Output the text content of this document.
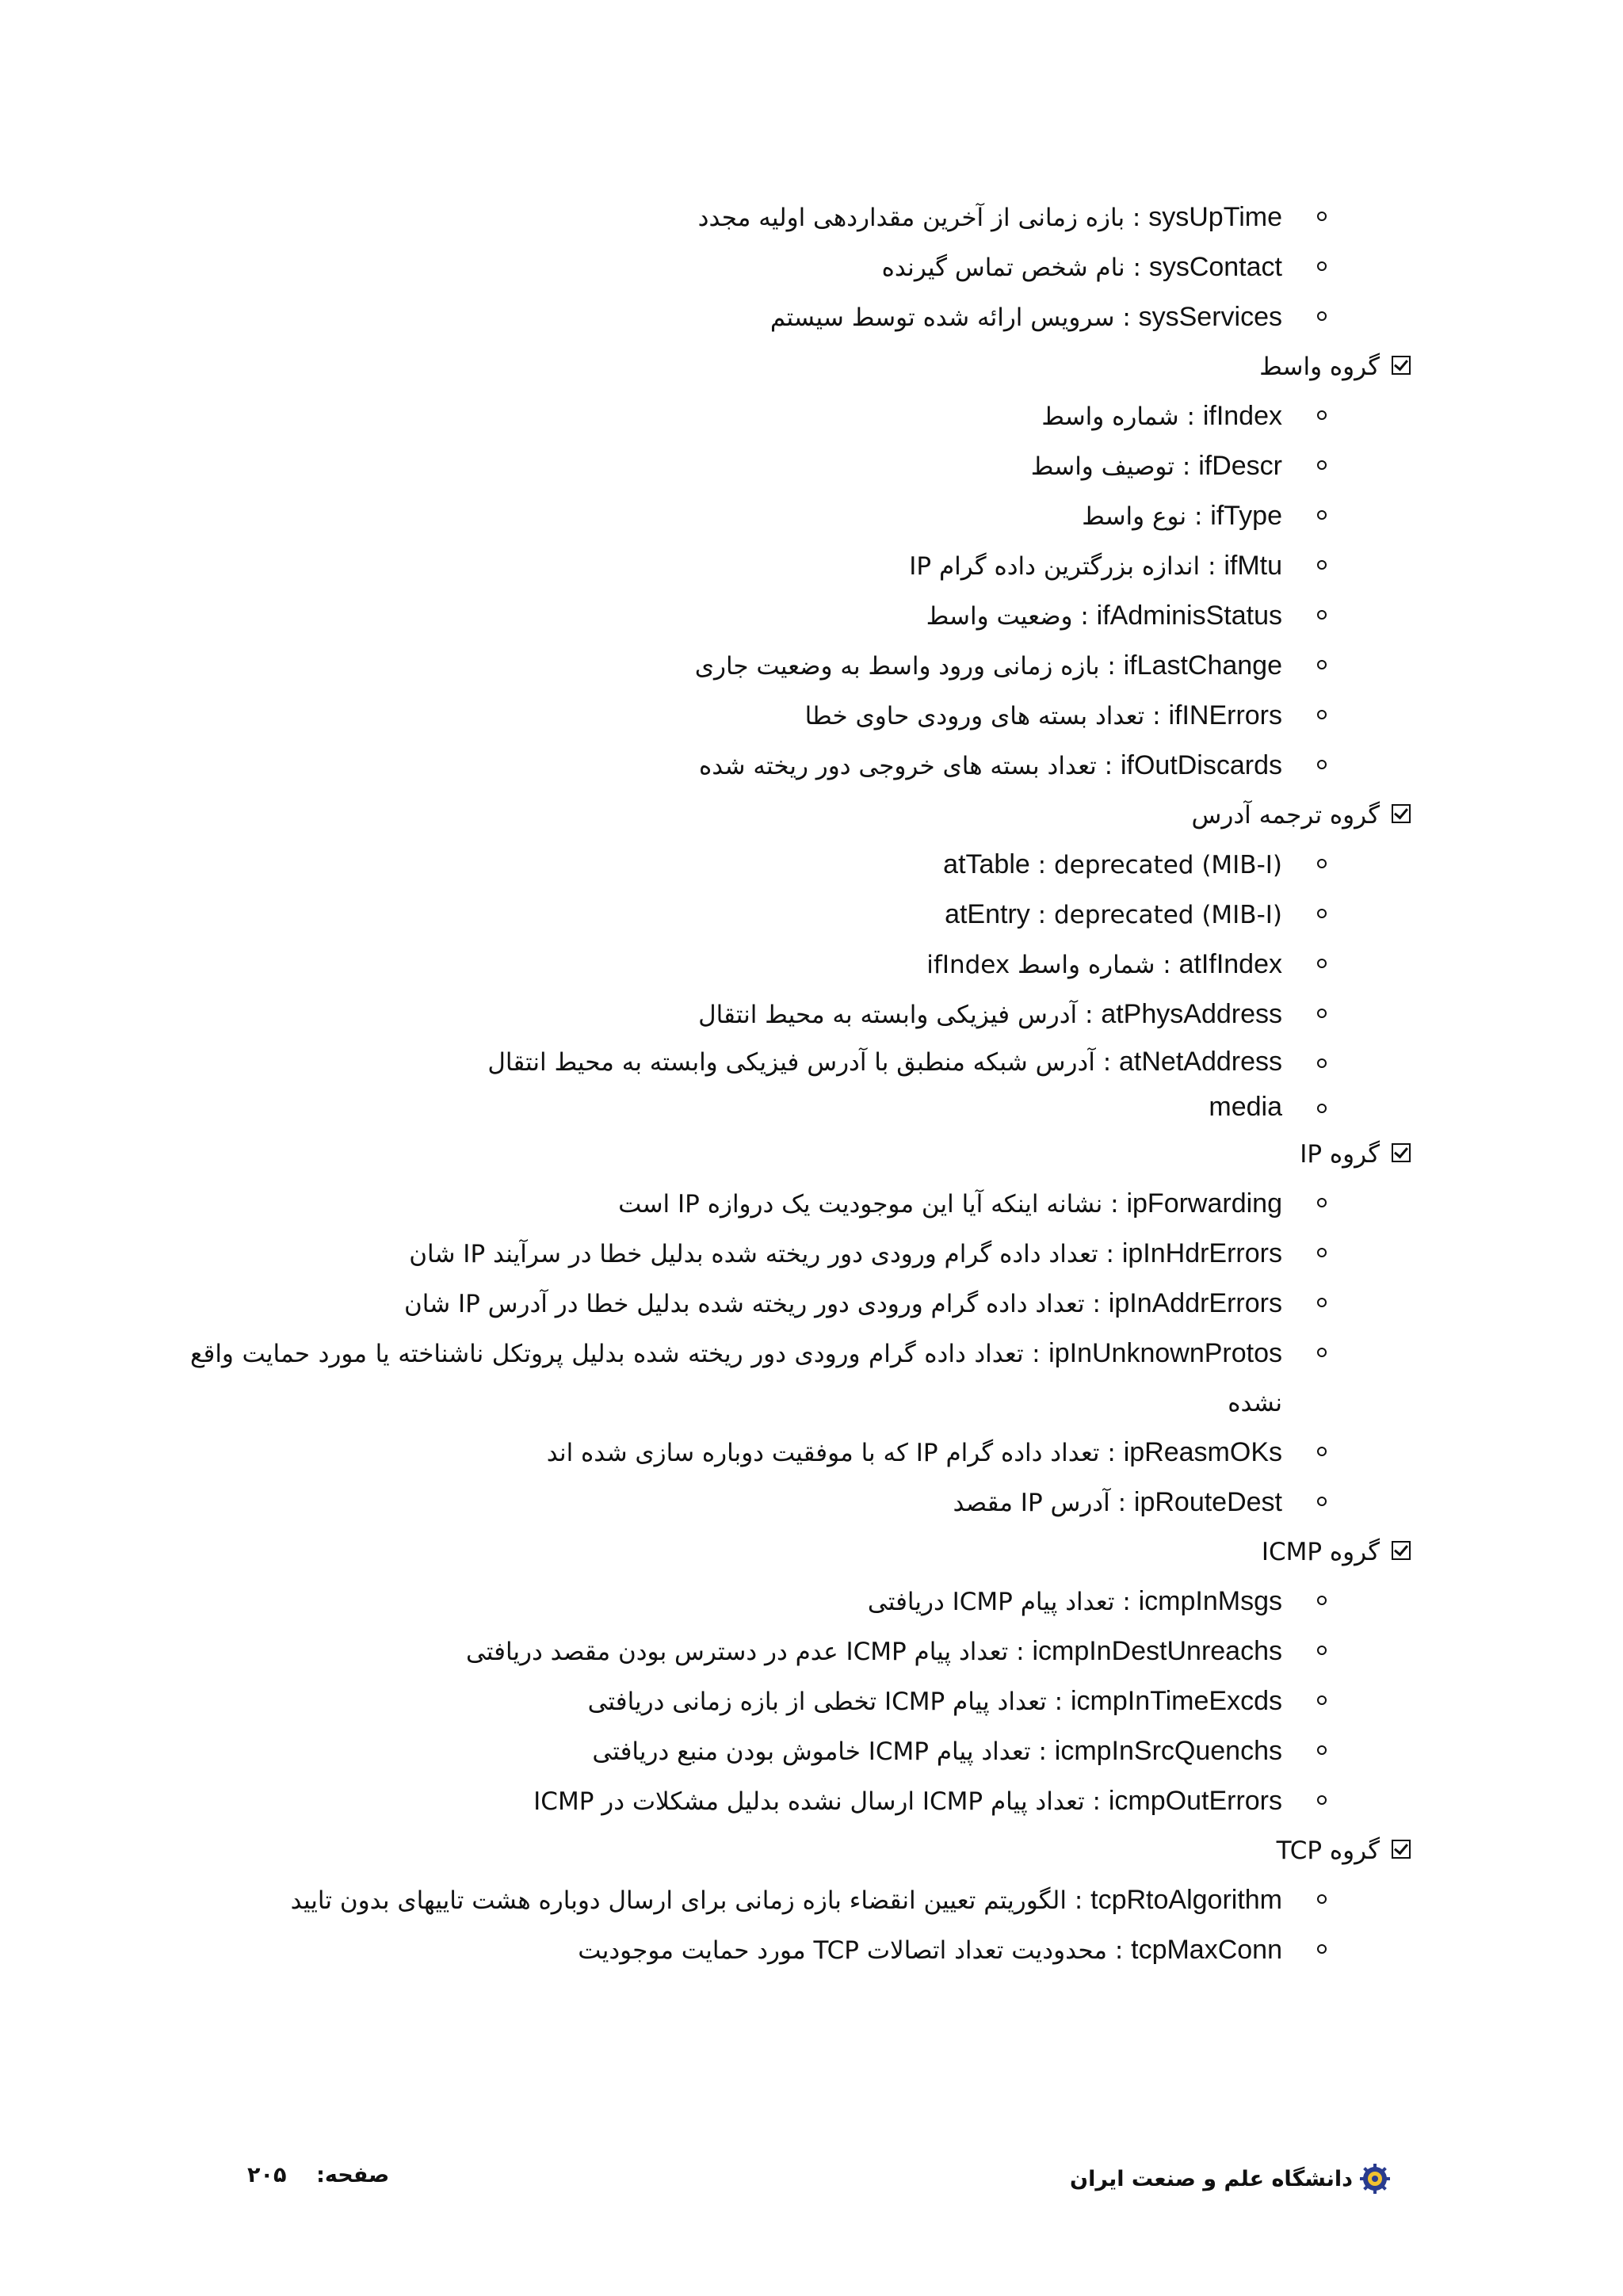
sysUpTime : بازه زمانی از آخرین مقداردهی اولیه مجدد
sysContact : نام شخص تماس گیرنده
sysServices : سرویس ارائه شده توسط سیستم
گروه واسط
ifIndex : شماره واسط
ifDescr : توصیف واسط
ifType : نوع واسط
ifMtu : اندازه بزرگترین داده گرام IP
ifAdminisStatus : وضعیت واسط
ifLastChange : بازه زمانی ورود واسط به وضعیت جاری
ifINErrors : تعداد بسته های ورودی حاوی خطا
ifOutDiscards : تعداد بسته های خروجی دور ریخته شده
گروه ترجمه آدرس
atTable : deprecated (MIB-I)
atEntry : deprecated (MIB-I)
atIfIndex : شماره واسط ifIndex
atPhysAddress : آدرس فیزیکی وابسته به محیط انتقال
atNetAddress : آدرس شبکه منطبق با آدرس فیزیکی وابسته به محیط انتقال
media
گروه IP
ipForwarding : نشانه اینکه آیا این موجودیت یک دروازه IP است
ipInHdrErrors : تعداد داده گرام ورودی دور ریخته شده بدلیل خطا در سرآیند IP شان
ipInAddrErrors : تعداد داده گرام ورودی دور ریخته شده بدلیل خطا در آدرس IP شان
ipInUnknownProtos : تعداد داده گرام ورودی دور ریخته شده بدلیل پروتکل ناشناخته یا مورد حمایت واقع نشده
ipReasmOKs : تعداد داده گرام IP که با موفقیت دوباره سازی شده اند
ipRouteDest : آدرس IP مقصد
گروه ICMP
icmpInMsgs : تعداد پیام ICMP دریافتی
icmpInDestUnreachs : تعداد پیام ICMP عدم در دسترس بودن مقصد دریافتی
icmpInTimeExcds : تعداد پیام ICMP تخطی از بازه زمانی دریافتی
icmpInSrcQuenchs : تعداد پیام ICMP خاموش بودن منبع دریافتی
icmpOutErrors : تعداد پیام ICMP ارسال نشده بدلیل مشکلات در ICMP
گروه TCP
tcpRtoAlgorithm : الگوریتم تعیین انقضاء بازه زمانی برای ارسال دوباره هشت تاییهای بدون تایید
tcpMaxConn : محدودیت تعداد اتصالات TCP مورد حمایت موجودیت
دانشگاه علم و صنعت ایران
صفحه:    ۲۰۵
